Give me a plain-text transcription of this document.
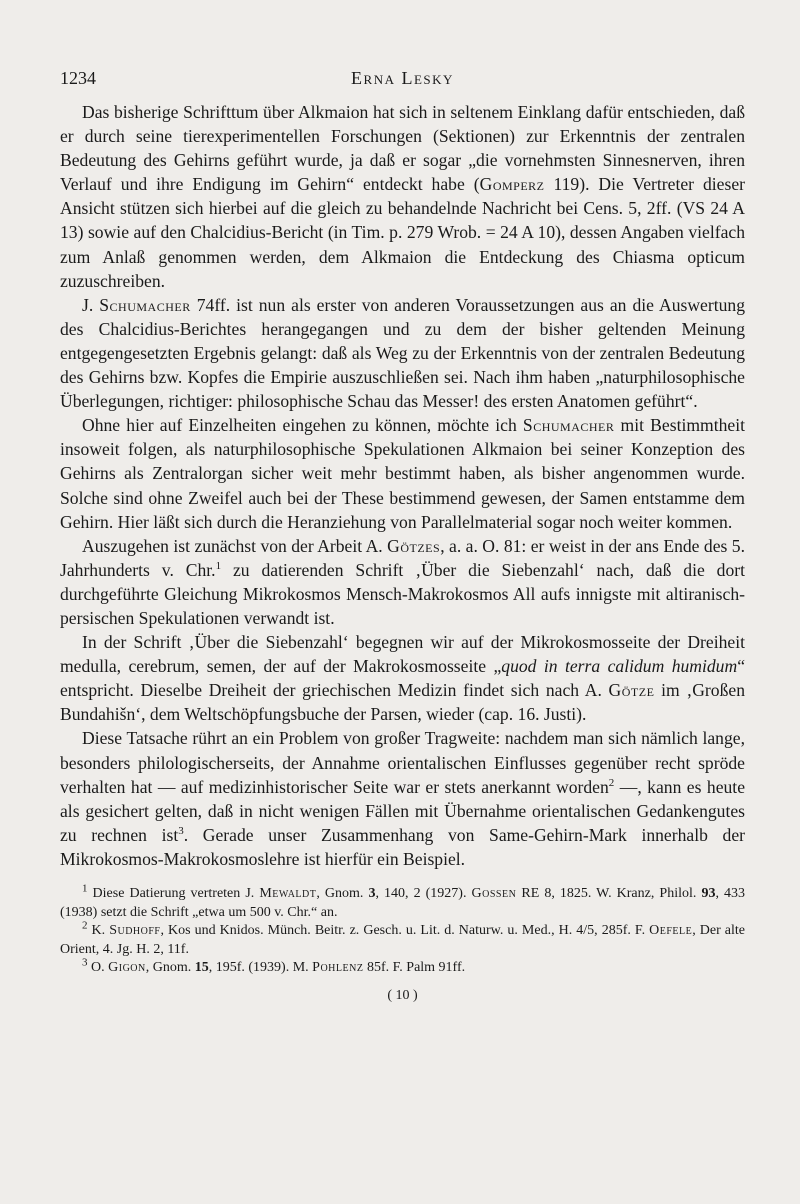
1234	Erna Lesky

Das bisherige Schrifttum über Alkmaion hat sich in seltenem Einklang dafür entschieden, daß er durch seine tierexperimentellen Forschungen (Sektionen) zur Erkenntnis der zentralen Bedeutung des Gehirns geführt wurde, ja daß er sogar „die vornehmsten Sinnesnerven, ihren Verlauf und ihre Endigung im Gehirn“ entdeckt habe (Gomperz 119). Die Vertreter dieser Ansicht stützen sich hierbei auf die gleich zu behandelnde Nachricht bei Cens. 5, 2ff. (VS 24 A 13) sowie auf den Chalcidius-Bericht (in Tim. p. 279 Wrob. = 24 A 10), dessen Angaben vielfach zum Anlaß genommen werden, dem Alkmaion die Entdeckung des Chiasma opticum zuzuschreiben.

J. Schumacher 74ff. ist nun als erster von anderen Voraussetzungen aus an die Auswertung des Chalcidius-Berichtes herangegangen und zu dem der bisher geltenden Meinung entgegengesetzten Ergebnis gelangt: daß als Weg zu der Erkenntnis von der zentralen Bedeutung des Gehirns bzw. Kopfes die Empirie auszuschließen sei. Nach ihm haben „naturphilosophische Überlegungen, richtiger: philosophische Schau das Messer! des ersten Anatomen geführt“.

Ohne hier auf Einzelheiten eingehen zu können, möchte ich Schumacher mit Bestimmtheit insoweit folgen, als naturphilosophische Spekulationen Alkmaion bei seiner Konzeption des Gehirns als Zentralorgan sicher weit mehr bestimmt haben, als bisher angenommen wurde. Solche sind ohne Zweifel auch bei der These bestimmend gewesen, der Samen entstamme dem Gehirn. Hier läßt sich durch die Heranziehung von Parallelmaterial sogar noch weiter kommen.

Auszugehen ist zunächst von der Arbeit A. Götzes, a. a. O. 81: er weist in der ans Ende des 5. Jahrhunderts v. Chr.$^1$ zu datierenden Schrift ‚Über die Siebenzahl‘ nach, daß die dort durchgeführte Gleichung Mikrokosmos Mensch-Makrokosmos All aufs innigste mit altiranisch-persischen Spekulationen verwandt ist.

In der Schrift ‚Über die Siebenzahl‘ begegnen wir auf der Mikrokosmosseite der Dreiheit medulla, cerebrum, semen, der auf der Makrokosmosseite „quod in terra calidum humidum“ entspricht. Dieselbe Dreiheit der griechischen Medizin findet sich nach A. Götze im ‚Großen Bundahišn‘, dem Weltschöpfungsbuche der Parsen, wieder (cap. 16. Justi).

Diese Tatsache rührt an ein Problem von großer Tragweite: nachdem man sich nämlich lange, besonders philologischerseits, der Annahme orientalischen Einflusses gegenüber recht spröde verhalten hat — auf medizinhistorischer Seite war er stets anerkannt worden$^2$ —, kann es heute als gesichert gelten, daß in nicht wenigen Fällen mit Übernahme orientalischen Gedankengutes zu rechnen ist$^3$. Gerade unser Zusammenhang von Same-Gehirn-Mark innerhalb der Mikrokosmos-Makrokosmoslehre ist hierfür ein Beispiel.

$^1$ Diese Datierung vertreten J. Mewaldt, Gnom. 3, 140, 2 (1927). Gossen RE 8, 1825. W. Kranz, Philol. 93, 433 (1938) setzt die Schrift „etwa um 500 v. Chr.“ an.

$^2$ K. Sudhoff, Kos und Knidos. Münch. Beitr. z. Gesch. u. Lit. d. Naturw. u. Med., H. 4/5, 285f. F. Oefele, Der alte Orient, 4. Jg. H. 2, 11f.

$^3$ O. Gigon, Gnom. 15, 195f. (1939). M. Pohlenz 85f. F. Palm 91ff.

( 10 )
